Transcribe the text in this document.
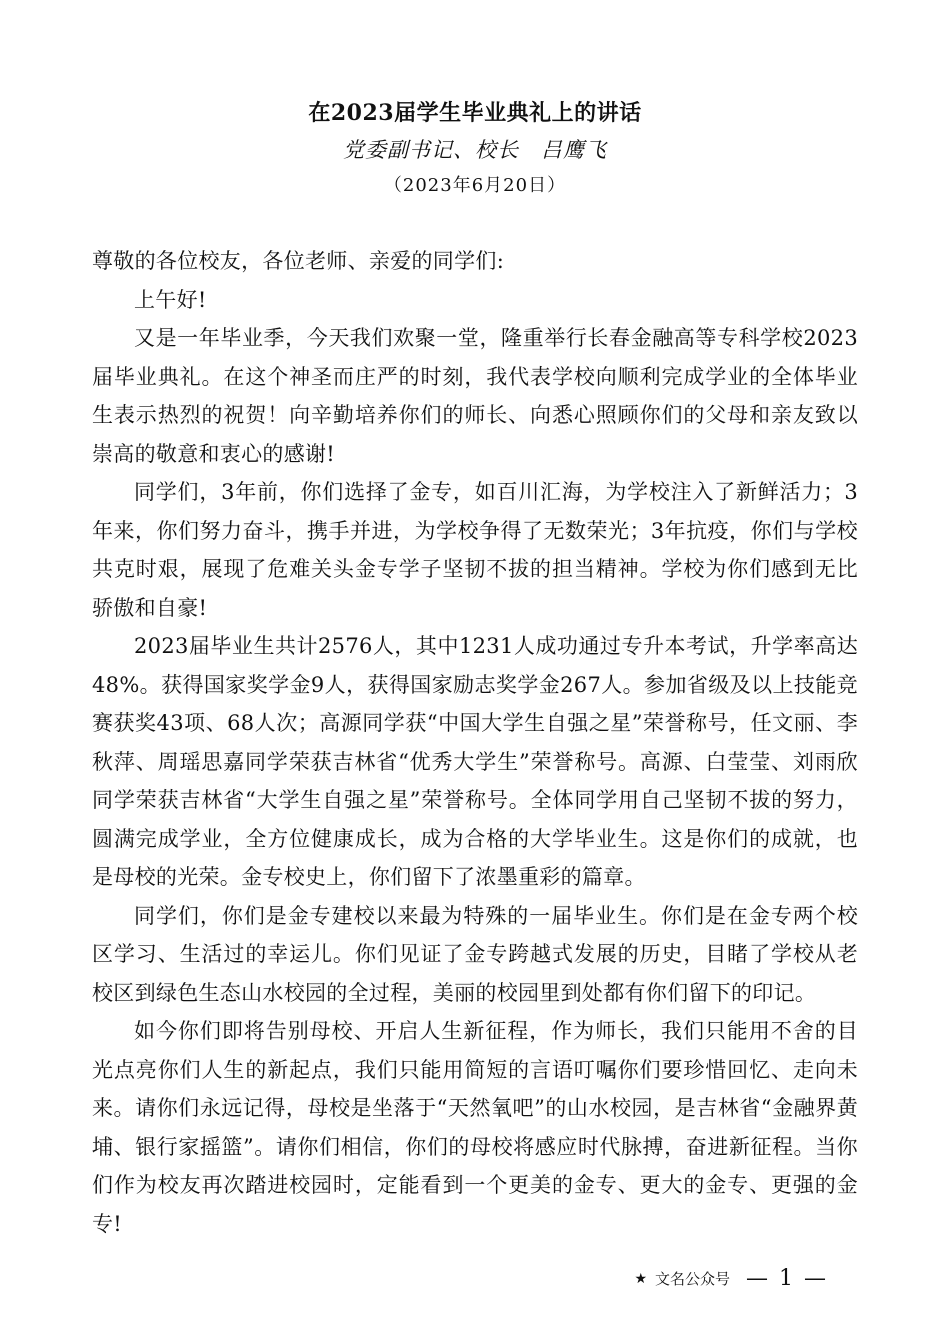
在2023届学生毕业典礼上的讲话
党委副书记、校长　吕鹰飞
（2023年6月20日）

尊敬的各位校友，各位老师、亲爱的同学们:

上午好!

又是一年毕业季，今天我们欢聚一堂，隆重举行长春金融高等专科学校2023届毕业典礼。在这个神圣而庄严的时刻，我代表学校向顺利完成学业的全体毕业生表示热烈的祝贺！向辛勤培养你们的师长、向悉心照顾你们的父母和亲友致以崇高的敬意和衷心的感谢!

同学们，3年前，你们选择了金专，如百川汇海，为学校注入了新鲜活力；3年来，你们努力奋斗，携手并进，为学校争得了无数荣光；3年抗疫，你们与学校共克时艰，展现了危难关头金专学子坚韧不拔的担当精神。学校为你们感到无比骄傲和自豪!

2023届毕业生共计2576人，其中1231人成功通过专升本考试，升学率高达48%。获得国家奖学金9人，获得国家励志奖学金267人。参加省级及以上技能竞赛获奖43项、68人次；高源同学获“中国大学生自强之星”荣誉称号，任文丽、李秋萍、周瑶思嘉同学荣获吉林省“优秀大学生”荣誉称号。高源、白莹莹、刘雨欣同学荣获吉林省“大学生自强之星”荣誉称号。全体同学用自己坚韧不拔的努力，圆满完成学业，全方位健康成长，成为合格的大学毕业生。这是你们的成就，也是母校的光荣。金专校史上，你们留下了浓墨重彩的篇章。

同学们，你们是金专建校以来最为特殊的一届毕业生。你们是在金专两个校区学习、生活过的幸运儿。你们见证了金专跨越式发展的历史，目睹了学校从老校区到绿色生态山水校园的全过程，美丽的校园里到处都有你们留下的印记。

如今你们即将告别母校、开启人生新征程，作为师长，我们只能用不舍的目光点亮你们人生的新起点，我们只能用简短的言语叮嘱你们要珍惜回忆、走向未来。请你们永远记得，母校是坐落于“天然氧吧”的山水校园，是吉林省“金融界黄埔、银行家摇篮”。请你们相信，你们的母校将感应时代脉搏，奋进新征程。当你们作为校友再次踏进校园时，定能看到一个更美的金专、更大的金专、更强的金专!

★ 文名公众号 — 1 —
